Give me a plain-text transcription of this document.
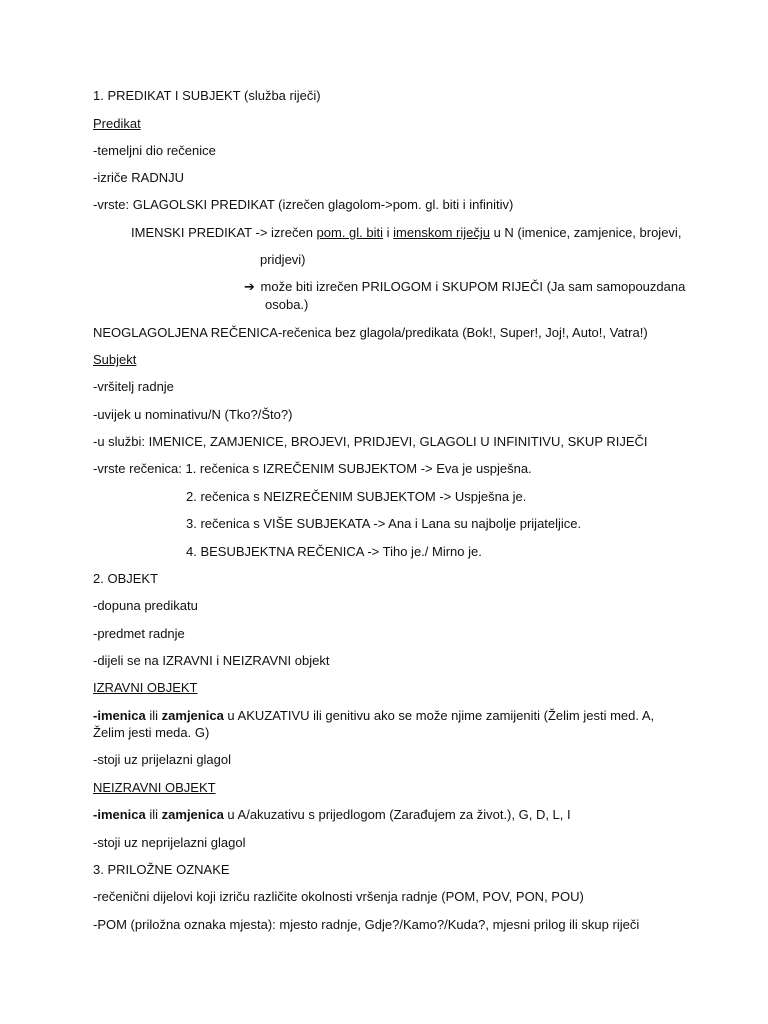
1. PREDIKAT I SUBJEKT (služba riječi)
Predikat
-temeljni dio rečenice
-izriče RADNJU
-vrste: GLAGOLSKI PREDIKAT (izrečen glagolom->pom. gl. biti i infinitiv)
IMENSKI PREDIKAT -> izrečen pom. gl. biti i imenskom riječju u N (imenice, zamjenice, brojevi,
pridjevi)
➔ može biti izrečen PRILOGOM i SKUPOM RIJEČI (Ja sam samopouzdana
osoba.)
NEOGLAGOLJENA REČENICA-rečenica bez glagola/predikata (Bok!, Super!, Joj!, Auto!, Vatra!)
Subjekt
-vršitelj radnje
-uvijek u nominativu/N (Tko?/Što?)
-u službi: IMENICE, ZAMJENICE, BROJEVI, PRIDJEVI, GLAGOLI U INFINITIVU, SKUP RIJEČI
-vrste rečenica: 1. rečenica s IZREČENIM SUBJEKTOM -> Eva je uspješna.
2. rečenica s NEIZREČENIM SUBJEKTOM -> Uspješna je.
3. rečenica s VIŠE SUBJEKATA -> Ana i Lana su najbolje prijateljice.
4. BESUBJEKTNA REČENICA -> Tiho je./ Mirno je.
2. OBJEKT
-dopuna predikatu
-predmet radnje
-dijeli se na IZRAVNI i NEIZRAVNI objekt
IZRAVNI OBJEKT
-imenica ili zamjenica u AKUZATIVU ili genitivu ako se može njime zamijeniti (Želim jesti med. A,
Želim jesti meda. G)
-stoji uz prijelazni glagol
NEIZRAVNI OBJEKT
-imenica ili zamjenica u A/akuzativu s prijedlogom (Zarađujem za život.), G, D, L, I
-stoji uz neprijelazni glagol
3. PRILOŽNE OZNAKE
-rečenični dijelovi koji izriču različite okolnosti vršenja radnje (POM, POV, PON, POU)
-POM (priložna oznaka mjesta): mjesto radnje, Gdje?/Kamo?/Kuda?, mjesni prilog ili skup riječi
